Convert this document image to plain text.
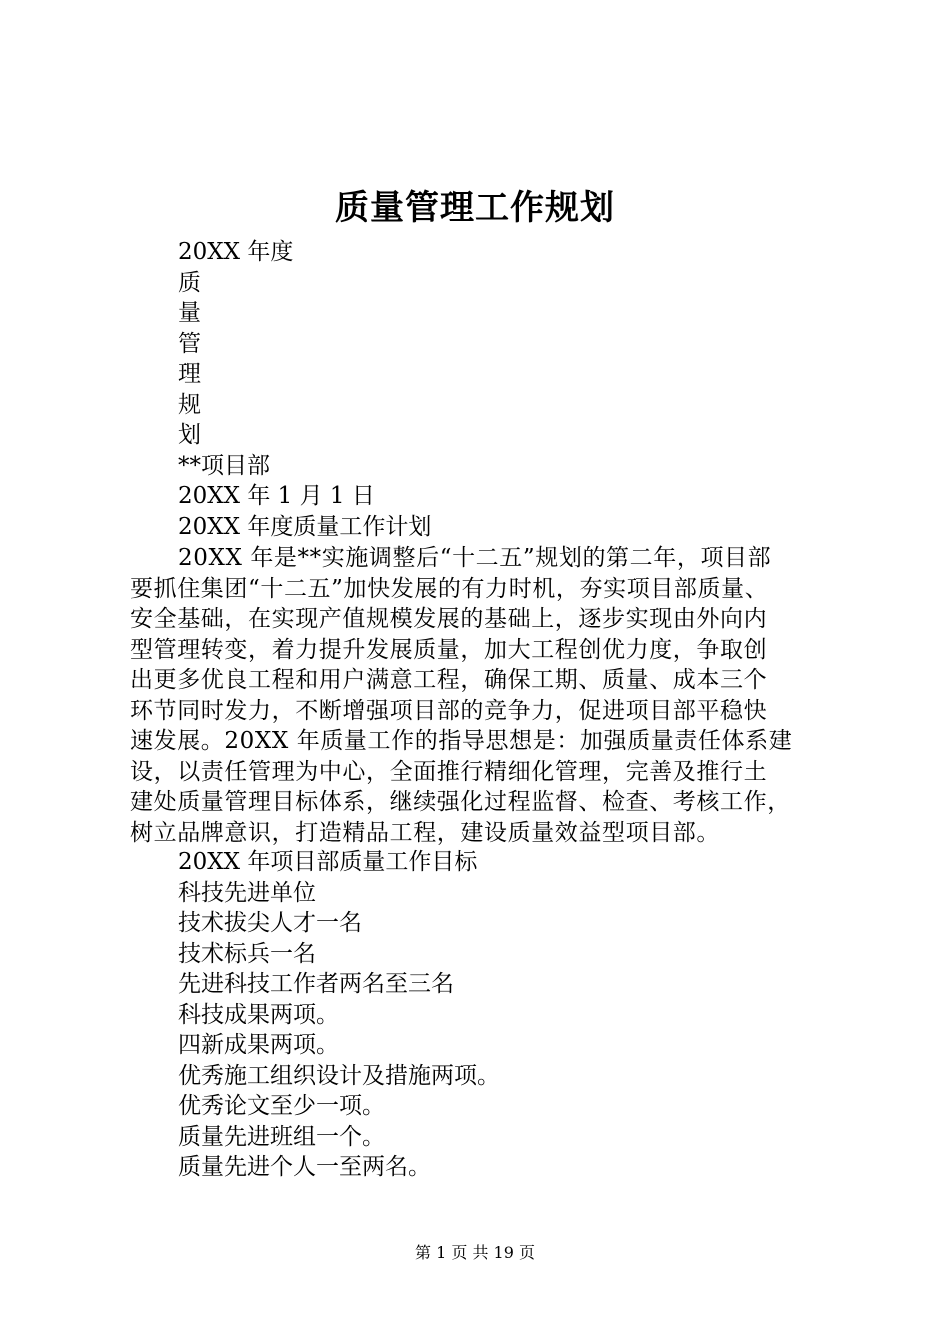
质量管理工作规划
20XX 年度
质
量
管
理
规
划
**项目部
20XX 年 1 月 1 日
20XX 年度质量工作计划
20XX 年是**实施调整后“十二五”规划的第二年，项目部
要抓住集团“十二五”加快发展的有力时机，夯实项目部质量、
安全基础，在实现产值规模发展的基础上，逐步实现由外向内
型管理转变，着力提升发展质量，加大工程创优力度，争取创
出更多优良工程和用户满意工程，确保工期、质量、成本三个
环节同时发力，不断增强项目部的竞争力，促进项目部平稳快
速发展。20XX 年质量工作的指导思想是：加强质量责任体系建
设，以责任管理为中心，全面推行精细化管理，完善及推行土
建处质量管理目标体系，继续强化过程监督、检查、考核工作，
树立品牌意识，打造精品工程，建设质量效益型项目部。
20XX 年项目部质量工作目标
科技先进单位
技术拔尖人才一名
技术标兵一名
先进科技工作者两名至三名
科技成果两项。
四新成果两项。
优秀施工组织设计及措施两项。
优秀论文至少一项。
质量先进班组一个。
质量先进个人一至两名。
第 1 页 共 19 页
